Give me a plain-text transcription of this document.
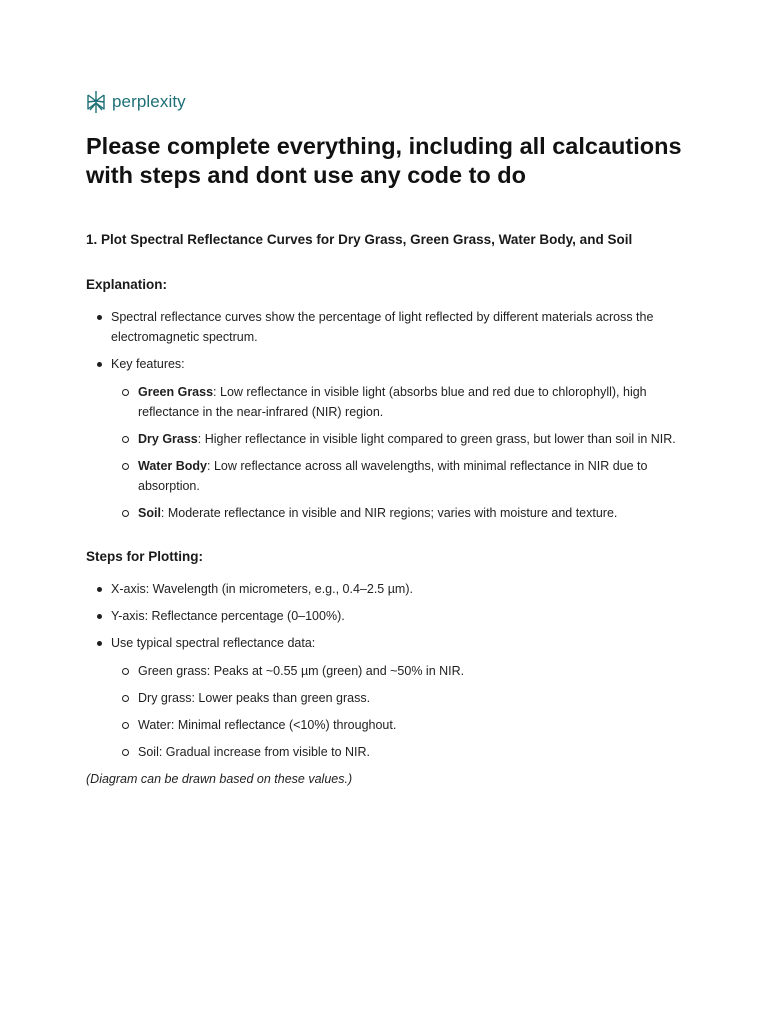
perplexity
Please complete everything, including all calcautions with steps and dont use any code to do
1. Plot Spectral Reflectance Curves for Dry Grass, Green Grass, Water Body, and Soil
Explanation:
Spectral reflectance curves show the percentage of light reflected by different materials across the electromagnetic spectrum.
Key features:
Green Grass: Low reflectance in visible light (absorbs blue and red due to chlorophyll), high reflectance in the near-infrared (NIR) region.
Dry Grass: Higher reflectance in visible light compared to green grass, but lower than soil in NIR.
Water Body: Low reflectance across all wavelengths, with minimal reflectance in NIR due to absorption.
Soil: Moderate reflectance in visible and NIR regions; varies with moisture and texture.
Steps for Plotting:
X-axis: Wavelength (in micrometers, e.g., 0.4–2.5 µm).
Y-axis: Reflectance percentage (0–100%).
Use typical spectral reflectance data:
Green grass: Peaks at ~0.55 µm (green) and ~50% in NIR.
Dry grass: Lower peaks than green grass.
Water: Minimal reflectance (<10%) throughout.
Soil: Gradual increase from visible to NIR.
(Diagram can be drawn based on these values.)
